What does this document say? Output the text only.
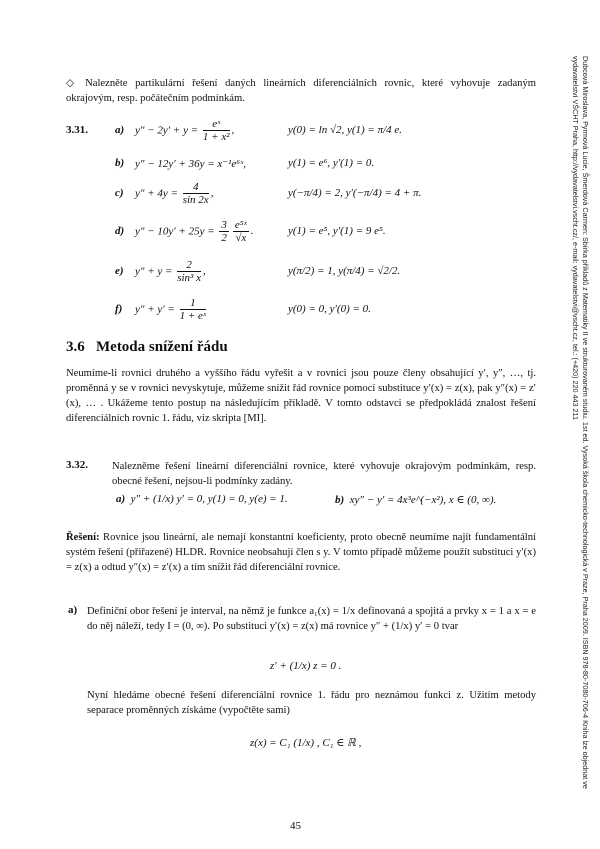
◇ Nalezněte partikulární řešení daných lineárních diferenciálních rovnic, které vyhovuje zadaným okrajovým, resp. počátečním podmínkám.
3.31. a) $y'' - 2y' + y = \frac{\text{eˣ}}{\text{1 + x²}}$ ,	y(0) = ln √2, y(1) = π/4 e.
b) y″ − 12y′ + 36y = x⁻¹e⁶ˣ,	y(1) = e⁶, y′(1) = 0.
c) $y'' + 4y = \frac{4}{\sin 2x}$ ,	y(−π/4) = 2, y′(−π/4) = 4 + π.
d) $y'' - 10y' + 25y = \frac{3}{2} \frac{\text{e⁵ˣ}}{√x}$ .	y(1) = e⁵, y′(1) = 9 e⁵.
e) $y'' + y = \frac{2}{\text{sin³ x}}$ ,	y(π/2) = 1, y(π/4) = √2/2.
f) $y'' + y' = \frac{1}{\text{1 + eˣ}}$	y(0) = 0, y′(0) = 0.
3.6 Metoda snížení řádu
Neumíme-li rovnici druhého a vyššího řádu vyřešit a v rovnici jsou pouze členy obsahující y′, y″, …, tj. proměnná y se v rovnici nevyskytuje, můžeme snížit řád rovnice pomocí substituce y′(x) = z(x), pak y″(x) = z′(x), … . Ukážeme tento postup na následujícím příkladě. V tomto odstavci se předpokládá znalost řešení diferenciálních rovnic 1. řádu, viz skripta [MI].
3.32. Nalezněme řešení lineární diferenciální rovnice, které vyhovuje okrajovým podmínkám, resp. obecné řešení, nejsou-li podmínky zadány.
a) y″ + (1/x) y′ = 0, y(1) = 0, y(e) = 1.	b) xy″ − y′ = 4x³e^(−x²), x ∈ (0, ∞).
Řešení: Rovnice jsou lineární, ale nemají konstantní koeficienty, proto obecně neumíme najít fundamentální systém řešení (přiřazené) HLDR. Rovnice neobsahují člen s y. V tomto případě můžeme použít substituci y′(x) = z(x) a odtud y″(x) = z′(x) a tím snížit řád diferenciální rovnice.
a) Definiční obor řešení je interval, na němž je funkce a₁(x) = 1/x definovaná a spojitá a prvky x = 1 a x = e do něj náleží, tedy I = (0, ∞). Po substituci y′(x) = z(x) má rovnice y″ + (1/x) y′ = 0 tvar
z′ + (1/x) z = 0 .
Nyní hledáme obecné řešení diferenciální rovnice 1. řádu pro neznámou funkci z. Užitím metody separace proměnných získáme (vypočtěte sami)
z(x) = C₁ (1/x) , C₁ ∈ ℝ ,
45
Dubcová Miroslava, Pyrmová Lucie, Šmerdová Carmen: Sbírka příkladů z Matematiky II ve strukturovaném studiu. 1st ed. Vysoká škola chemicko-technologická v Praze, Praha 2009. ISBN 978-80-7080-706-4 Kniha lze objednat ve vydavatelství VŠCHT Praha, http://vydavatelstvi.vscht.cz/, e-mail: vydavatelstvi@vscht.cz, tel.: (+420) 220 443 211
